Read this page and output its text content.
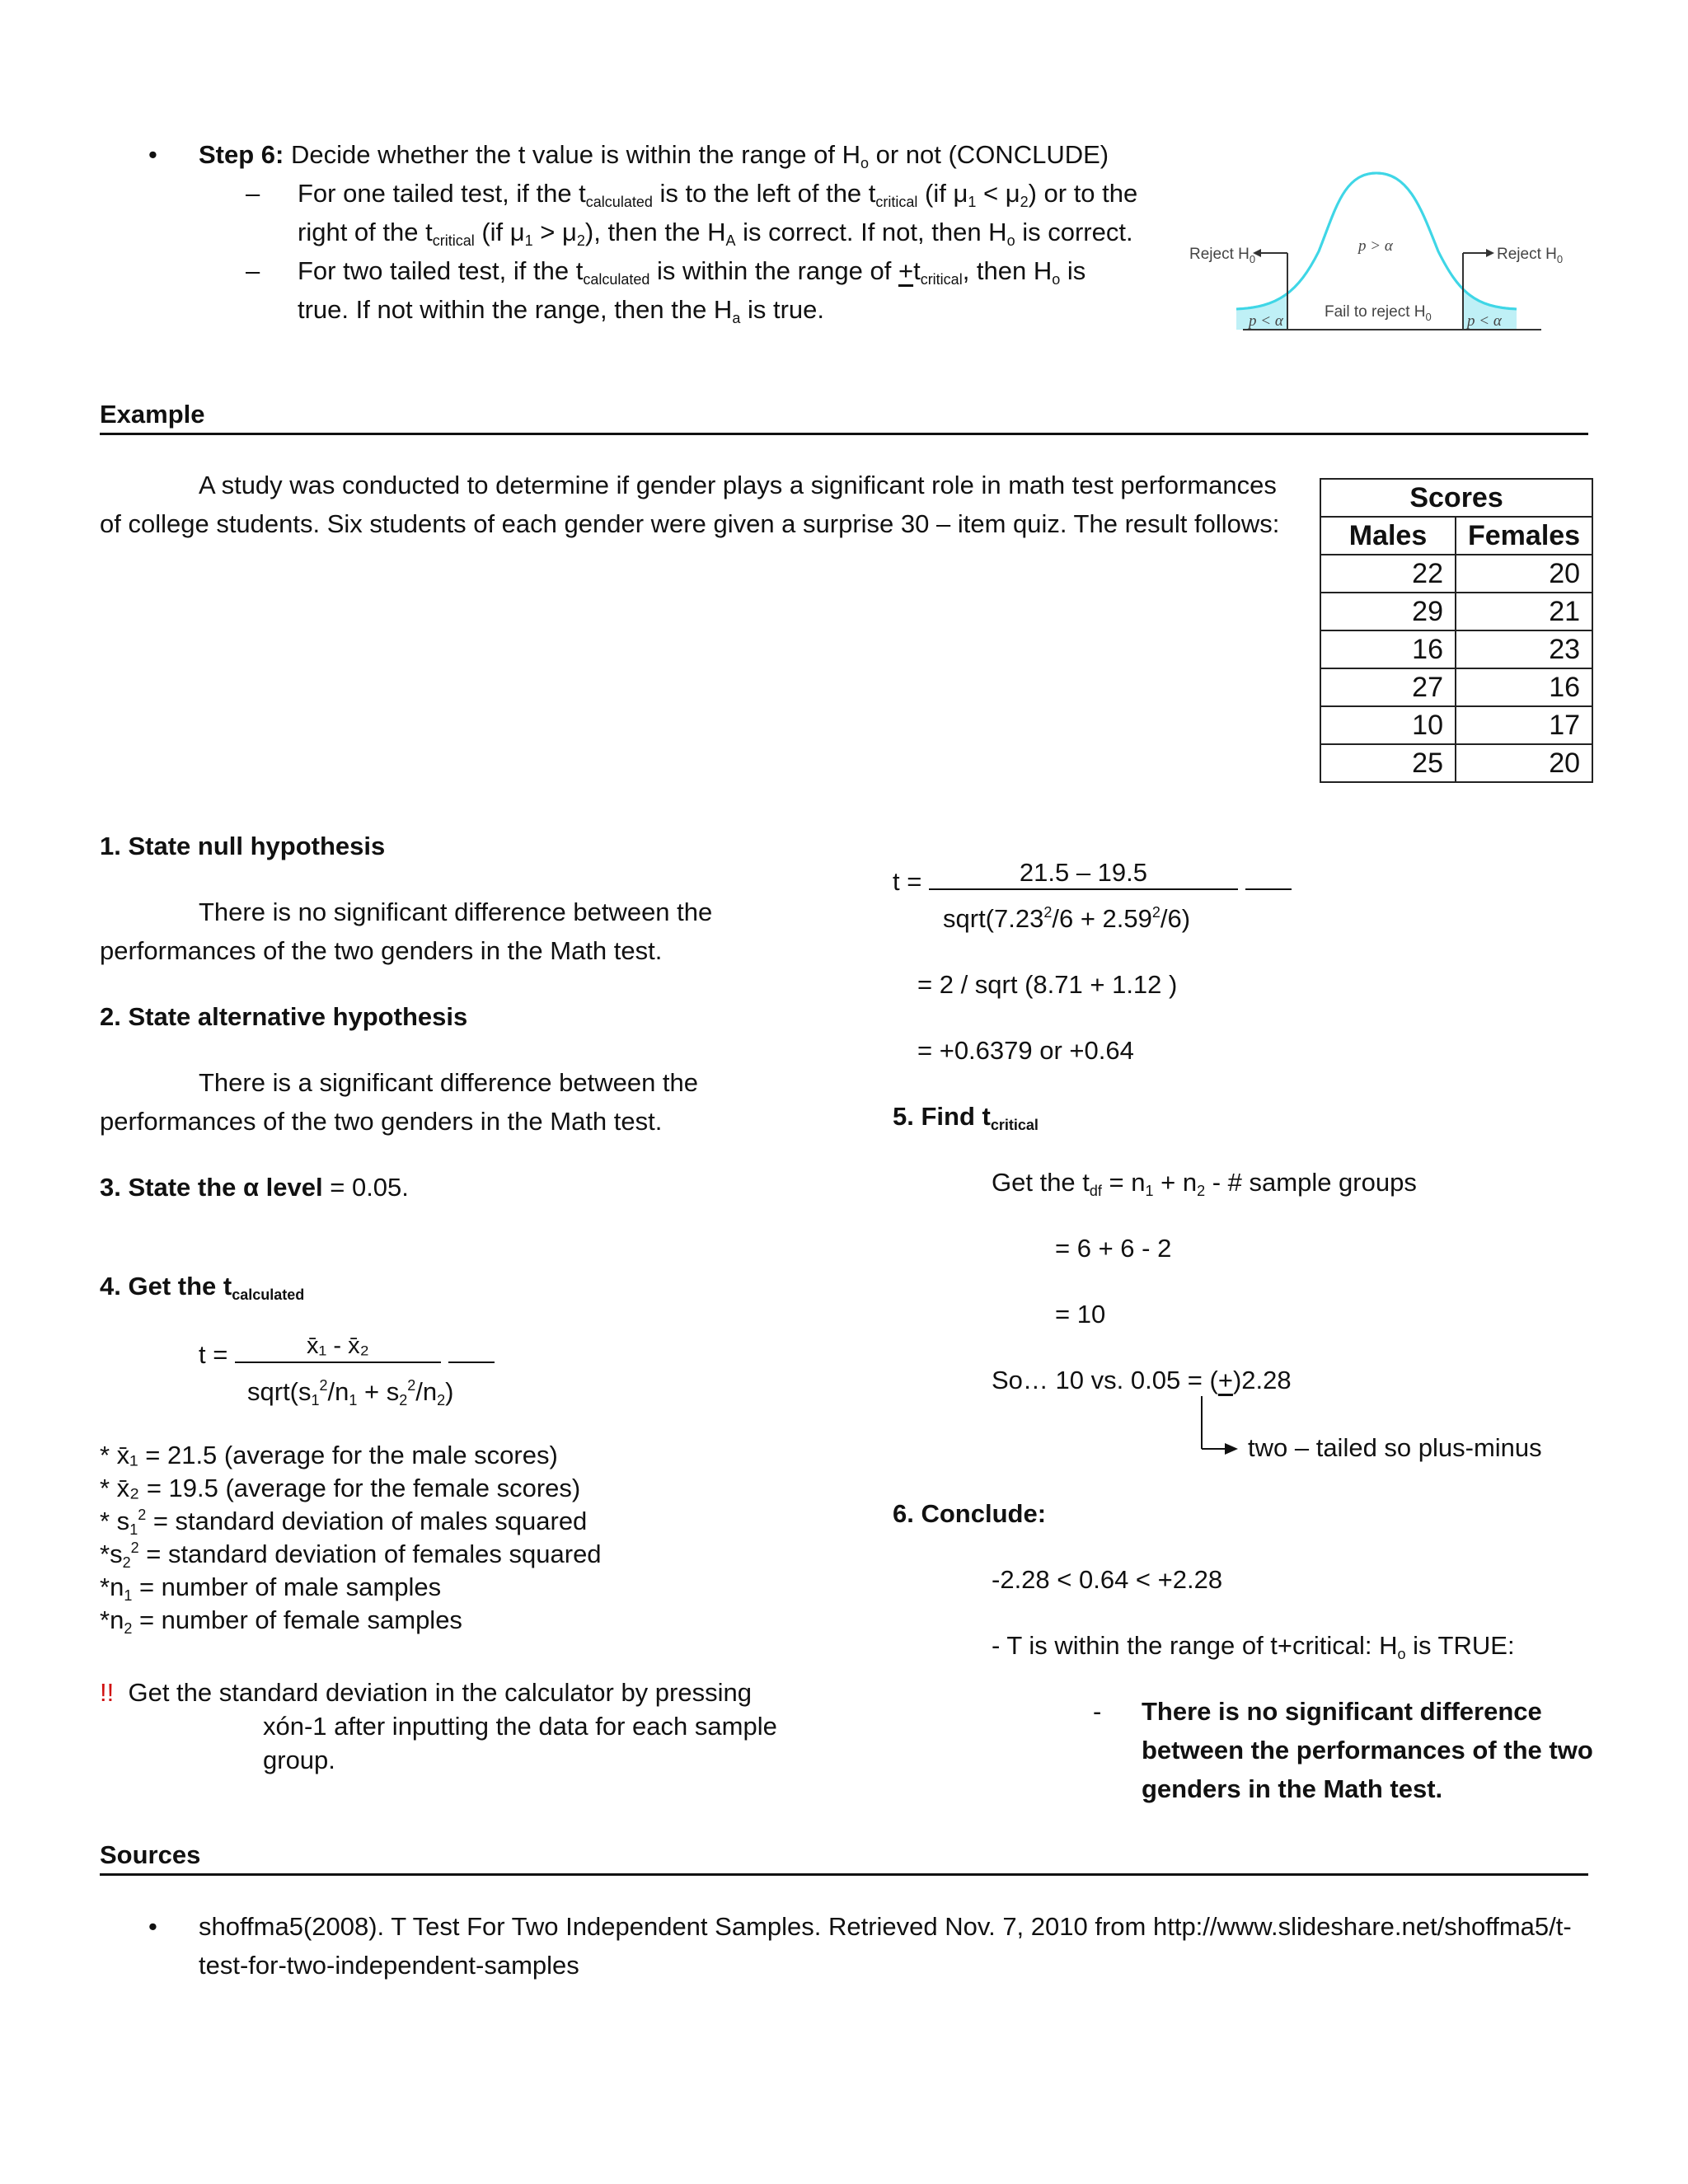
• Step 6: Decide whether the t value is within the range of $H_o$ or not (CONCLUDE)
– For one tailed test, if the $t_{calculated}$ is to the left of the $t_{critical}$ (if $\mu_1 < \mu_2$) or to the
right of the $t_{critical}$ (if $\mu_1 > \mu_2$), then the $H_A$ is correct. If not, then $H_o$ is correct.
– For two tailed test, if the $t_{calculated}$ is within the range of $+t_{critical}$, then $H_o$ is
true. If not within the range, then the $H_a$ is true.
Reject $H_0$	Reject $H_0$
p > α
Fail to reject $H_0$
p < α	p < α
Example
A study was conducted to determine if gender plays a significant role in math test performances
of college students. Six students of each gender were given a surprise 30 – item quiz. The result follows:
Scores	
Males	Females
22	20
29	21
16	23
27	16
10	17
25	20
1. State null hypothesis
There is no significant difference between the
performances of the two genders in the Math test.
2. State alternative hypothesis
There is a significant difference between the
performances of the two genders in the Math test.
3. State the α level = 0.05.
4. Get the $t_{calculated}$
t =	x̄₁ - x̄₂

$sqrt(s_1^2/n_1 + s_2^2/n_2)$
* x̄₁ = 21.5 (average for the male scores)
* x̄₂ = 19.5 (average for the female scores)
* $s_1^2$ = standard deviation of males squared
$*s_2^2$ = standard deviation of females squared
$*n_1$ = number of male samples
$*n_2$ = number of female samples
!! Get the standard deviation in the calculator by pressing
xón-1 after inputting the data for each sample
group.
t =	21.5 – 19.5

$sqrt(7.23^2/6 + 2.59^2/6)$
= 2 / sqrt (8.71 + 1.12 )
= +0.6379 or +0.64
5. Find $t_{critical}$
Get the $t_{df} = n_1 + n_2$ - # sample groups
= 6 + 6 - 2
= 10
So… 10 vs. 0.05 = (+)2.28
two – tailed so plus-minus
6. Conclude:
-2.28 < 0.64 < +2.28
- T is within the range of t+critical: $H_o$ is TRUE:
- There is no significant difference
between the performances of the two
genders in the Math test.
Sources
• shoffma5(2008). T Test For Two Independent Samples. Retrieved Nov. 7, 2010 from http://www.slideshare.net/shoffma5/t-
test-for-two-independent-samples
